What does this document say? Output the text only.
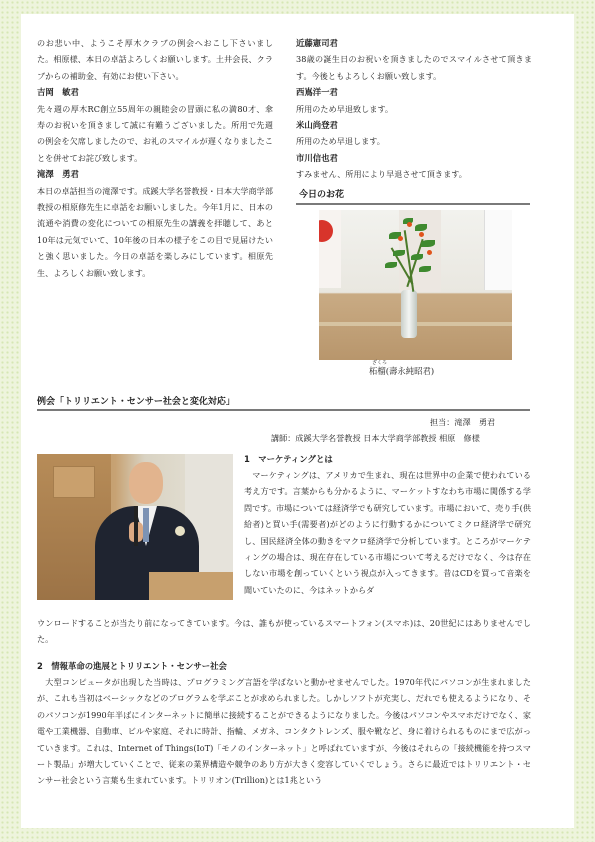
のお悲い中、ようこそ厚木クラブの例会へおこし下さいました。相原様、本日の卓話よろしくお願いします。土井会長、クラブからの補助金、有効にお使い下さい。
吉岡　敏君
先々週の厚木RC創立55周年の親睦会の冒頭に私の満80才、傘寿のお祝いを頂きまして誠に有難うございました。所用で先週の例会を欠席しましたので、お礼のスマイルが遅くなりましたことを併せてお詫び致します。
滝澤　勇君
本日の卓話担当の滝澤です。成蹊大学名誉教授・日本大学商学部教授の相原修先生に卓話をお願いしました。今年1月に、日本の流通や消費の変化についての相原先生の講義を拝聴して、あと10年は元気でいて、10年後の日本の様子をこの目で見届けたいと強く思いました。今日の卓話を楽しみにしています。相原先生、よろしくお願い致します。
近藤憲司君
38歳の誕生日のお祝いを頂きましたのでスマイルさせて頂きます。今後ともよろしくお願い致します。
西嶌洋一君
所用のため早退致します。
米山尚登君
所用のため早退します。
市川信也君
すみません、所用により早退させて頂きます。
今日のお花
ざくろ
柘榴(壽永純昭君)
例会「トリリエント・センサー社会と変化対応」
担当：滝澤　勇君
講師：成蹊大学名誉教授 日本大学商学部教授 相原　修様
1　マーケティングとは
　マーケティングは、アメリカで生まれ、現在は世界中の企業で使われている考え方です。言葉からも分かるように、マーケットすなわち市場に関係する学問です。市場については経済学でも研究しています。市場において、売り手(供給者)と買い手(需要者)がどのように行動するかについてミクロ経済学で研究し、国民経済全体の動きをマクロ経済学で分析しています。ところがマーケティングの場合は、現在存在している市場について考えるだけでなく、今は存在しない市場を創っていくという視点が入ってきます。昔はCDを買って音楽を聞いていたのに、今はネットからダ
ウンロードすることが当たり前になってきています。今は、誰もが使っているスマートフォン(スマホ)は、20世紀にはありませんでした。
2　情報革命の進展とトリリエント・センサー社会
　大型コンピュータが出現した当時は、プログラミング言語を学ばないと動かせませんでした。1970年代にパソコンが生まれましたが、これも当初はベーシックなどのプログラムを学ぶことが求められました。しかしソフトが充実し、だれでも使えるようになり、そのパソコンが1990年半ばにインターネットに簡単に接続することができるようになりました。今後はパソコンやスマホだけでなく、家電や工業機器、自動車、ビルや家庭、それに時計、指輪、メガネ、コンタクトレンズ、服や靴など、身に着けられるものにまで広がっていきます。これは、Internet of Things(IoT)「モノのインターネット」と呼ばれていますが、今後はそれらの「接続機能を持つスマート製品」が増大していくことで、従来の業界構造や競争のあり方が大きく変容していくでしょう。さらに最近ではトリリエント・センサー社会という言葉も生まれています。トリリオン(Trillion)とは1兆という
